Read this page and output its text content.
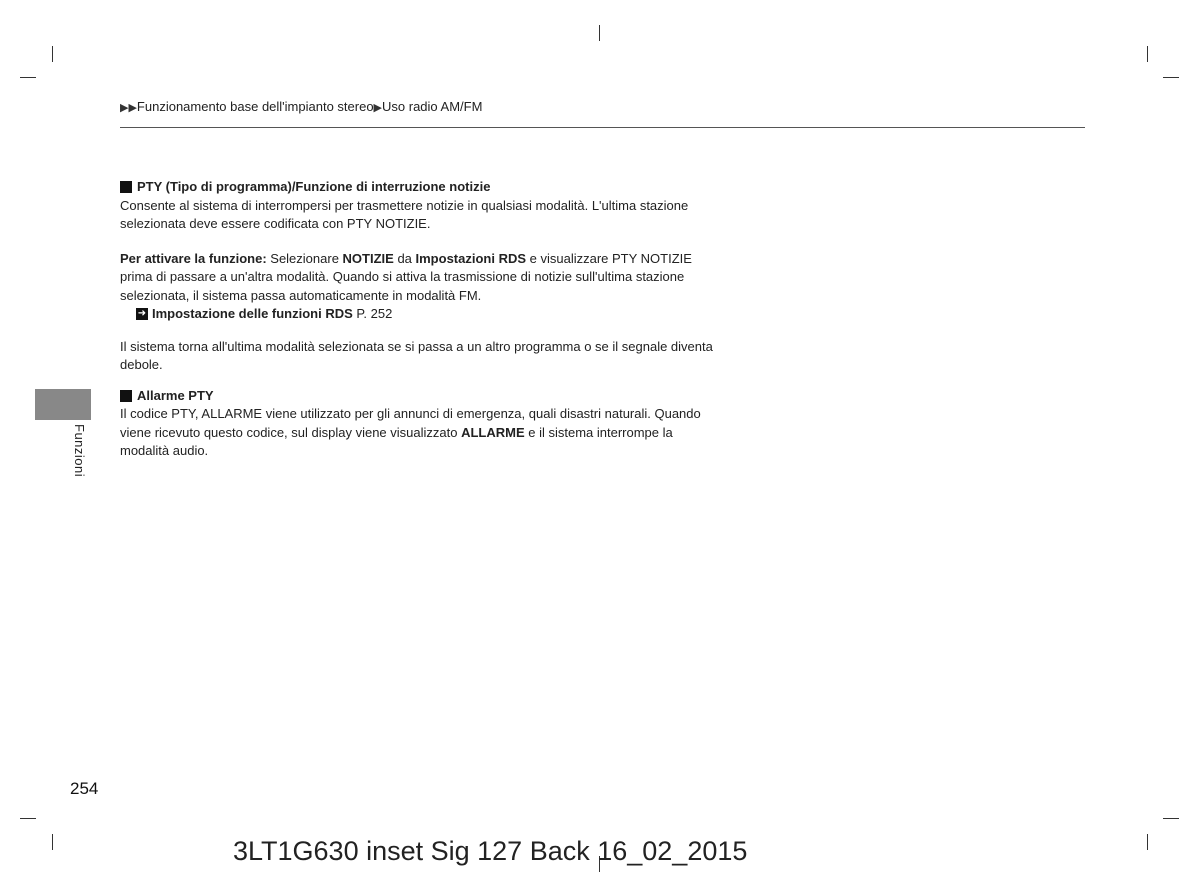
▶▶Funzionamento base dell'impianto stereo▶Uso radio AM/FM

PTY (Tipo di programma)/Funzione di interruzione notizie

Consente al sistema di interrompersi per trasmettere notizie in qualsiasi modalità. L'ultima stazione selezionata deve essere codificata con PTY NOTIZIE.

Per attivare la funzione: Selezionare NOTIZIE da Impostazioni RDS e visualizzare PTY NOTIZIE prima di passare a un'altra modalità. Quando si attiva la trasmissione di notizie sull'ultima stazione selezionata, il sistema passa automaticamente in modalità FM.

➜ Impostazione delle funzioni RDS P. 252

Il sistema torna all'ultima modalità selezionata se si passa a un altro programma o se il segnale diventa debole.

Allarme PTY

Il codice PTY, ALLARME viene utilizzato per gli annunci di emergenza, quali disastri naturali. Quando viene ricevuto questo codice, sul display viene visualizzato ALLARME e il sistema interrompe la modalità audio.

Funzioni
254
3LT1G630 inset Sig 127 Back 16_02_2015
